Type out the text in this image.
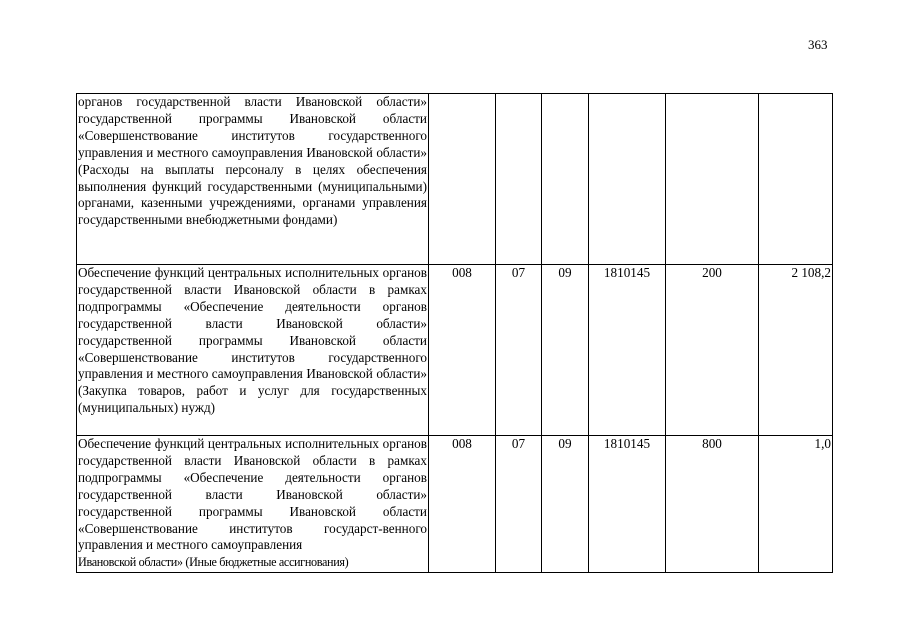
363
органов государственной власти Ивановской области» государственной программы Ивановской области «Совершенствование институтов государственного управления и местного самоуправления Ивановской области» (Расходы на выплаты персоналу в целях обеспечения выполнения функций государственными (муниципальными) органами, казенными учреждениями, органами управления государственными внебюджетными фондами)						
Обеспечение функций центральных исполнительных органов государственной власти Ивановской области в рамках подпрограммы «Обеспечение деятельности органов государственной власти Ивановской области» государственной программы Ивановской области «Совершенствование институтов государственного управления и местного самоуправления Ивановской области» (Закупка товаров, работ и услуг для государственных (муниципальных) нужд)	008	07	09	1810145	200	2 108,2

Обеспечение функций центральных исполнительных органов государственной власти Ивановской области в рамках подпрограммы «Обеспечение деятельности органов государственной власти Ивановской области» государственной программы Ивановской области «Совершенствование институтов государст-венного управления и местного самоуправления
Ивановской области» (Иные бюджетные ассигнования)	008	07	09	1810145	800	1,0
